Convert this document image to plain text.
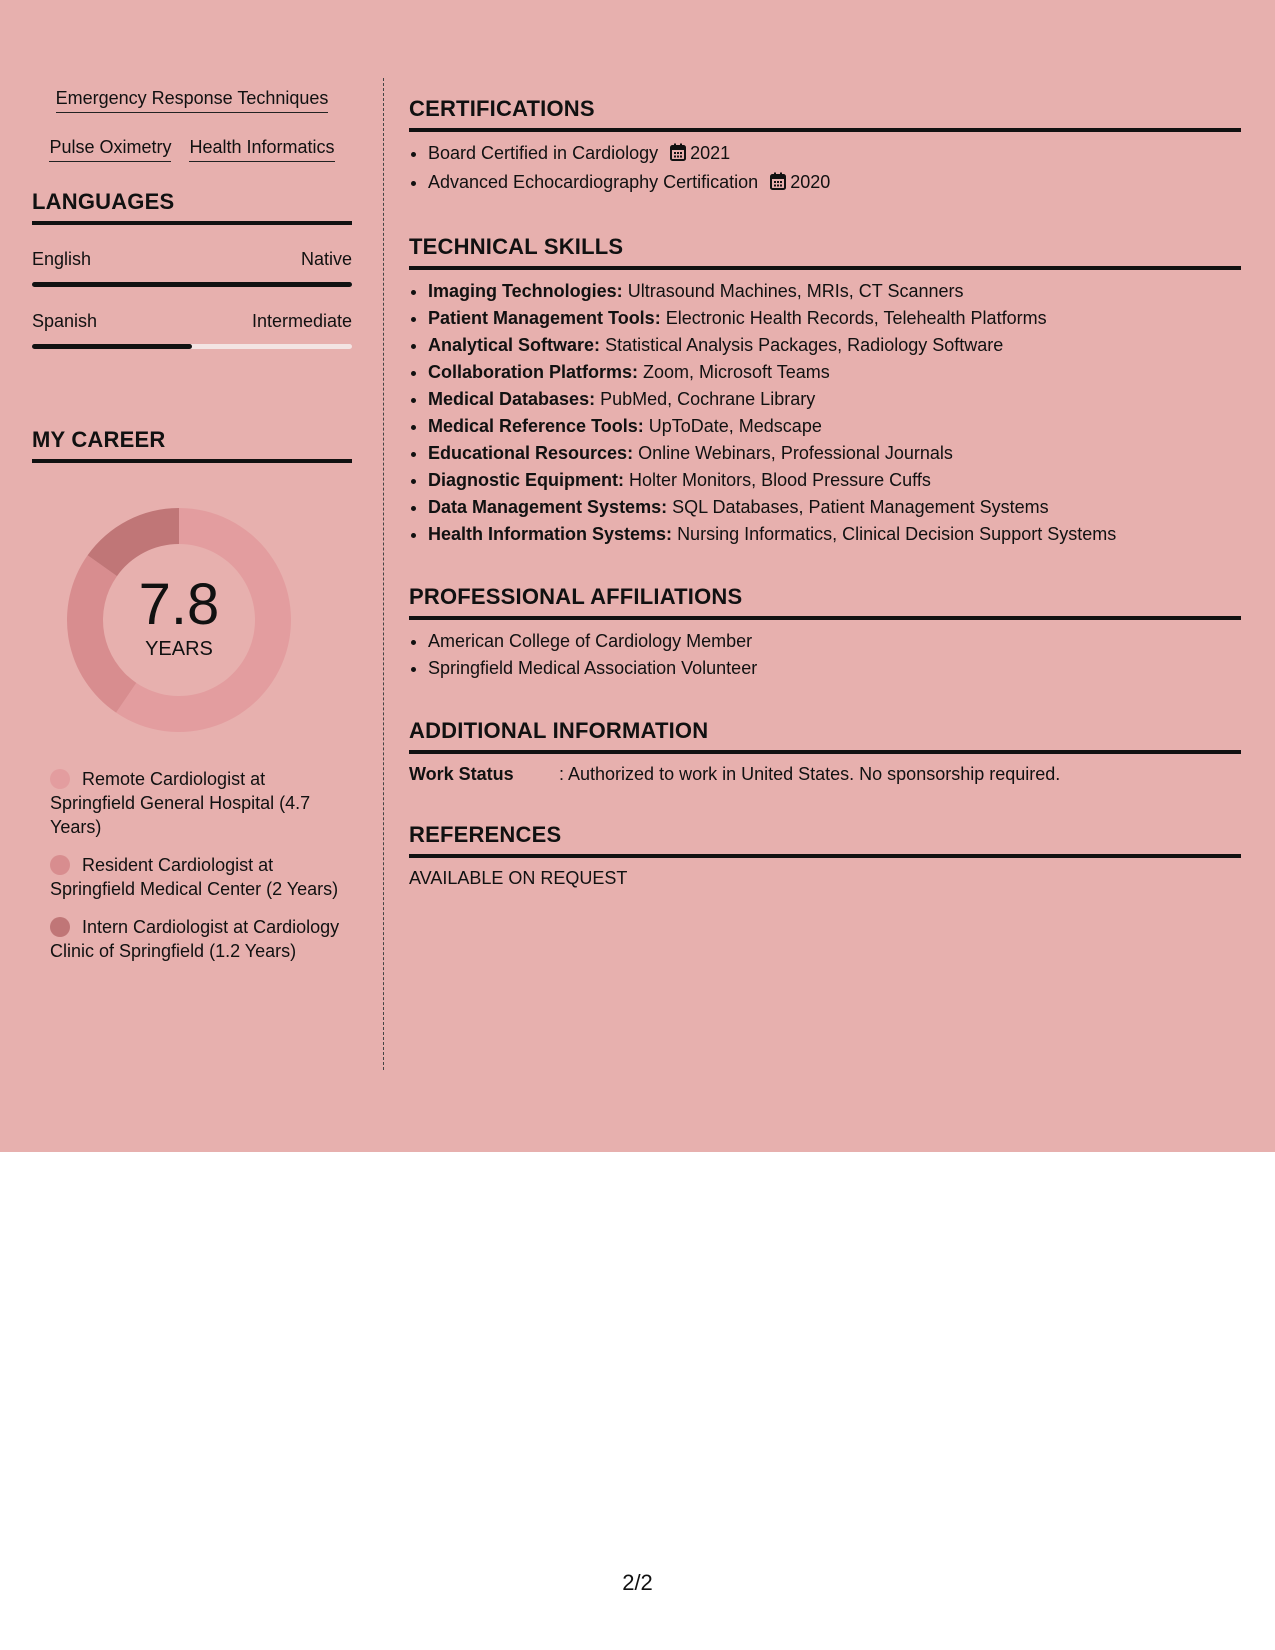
Emergency Response Techniques
Pulse Oximetry Health Informatics
LANGUAGES
English	Native
Spanish	Intermediate
MY CAREER
7.8
YEARS
Remote Cardiologist at Springfield General Hospital (4.7 Years)
Resident Cardiologist at Springfield Medical Center (2 Years)
Intern Cardiologist at Cardiology Clinic of Springfield (1.2 Years)
CERTIFICATIONS
• Board Certified in Cardiology 2021
• Advanced Echocardiography Certification 2020
TECHNICAL SKILLS
• Imaging Technologies: Ultrasound Machines, MRIs, CT Scanners
• Patient Management Tools: Electronic Health Records, Telehealth Platforms
• Analytical Software: Statistical Analysis Packages, Radiology Software
• Collaboration Platforms: Zoom, Microsoft Teams
• Medical Databases: PubMed, Cochrane Library
• Medical Reference Tools: UpToDate, Medscape
• Educational Resources: Online Webinars, Professional Journals
• Diagnostic Equipment: Holter Monitors, Blood Pressure Cuffs
• Data Management Systems: SQL Databases, Patient Management Systems
• Health Information Systems: Nursing Informatics, Clinical Decision Support Systems
PROFESSIONAL AFFILIATIONS
• American College of Cardiology Member
• Springfield Medical Association Volunteer
ADDITIONAL INFORMATION
Work Status	: Authorized to work in United States. No sponsorship required.
REFERENCES
AVAILABLE ON REQUEST
2/2
